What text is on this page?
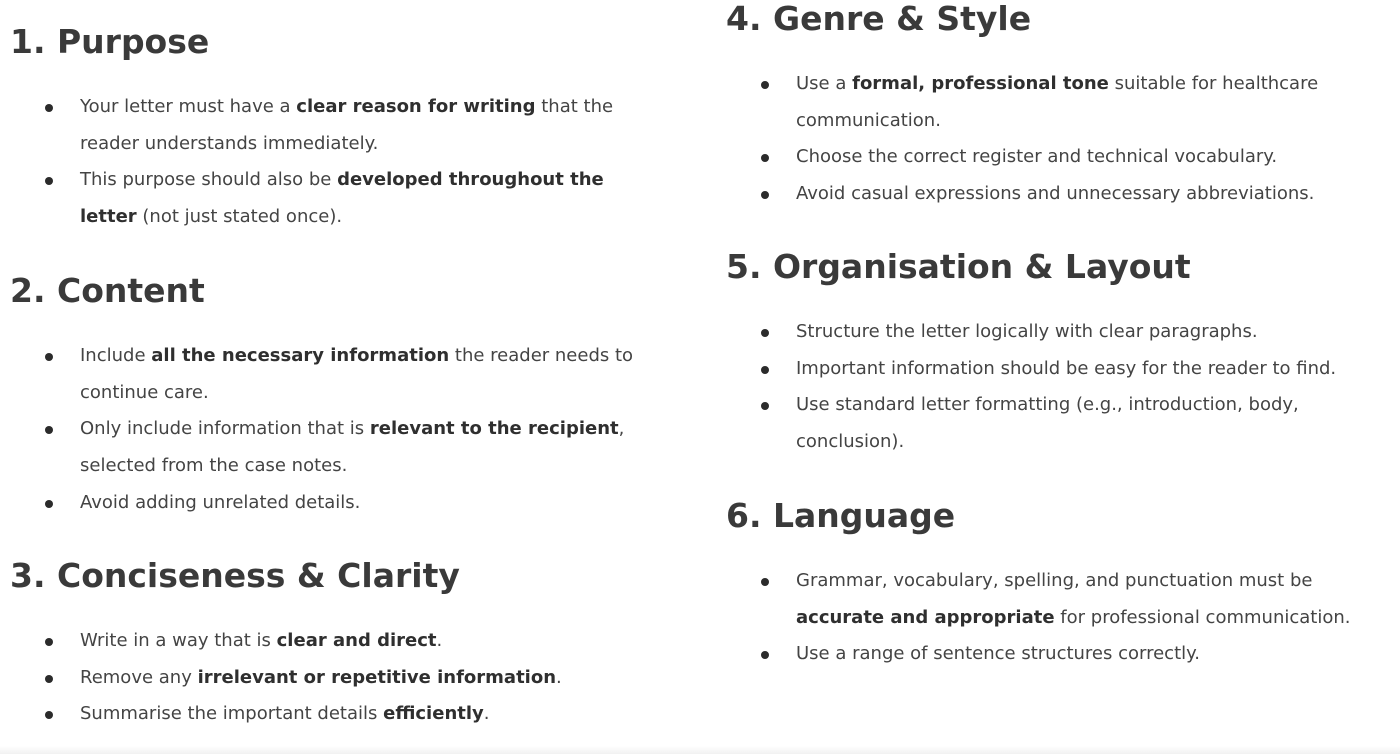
1. Purpose
Your letter must have a clear reason for writing that the reader understands immediately.
This purpose should also be developed throughout the letter (not just stated once).
2. Content
Include all the necessary information the reader needs to continue care.
Only include information that is relevant to the recipient, selected from the case notes.
Avoid adding unrelated details.
3. Conciseness & Clarity
Write in a way that is clear and direct.
Remove any irrelevant or repetitive information.
Summarise the important details efficiently.
4. Genre & Style
Use a formal, professional tone suitable for healthcare communication.
Choose the correct register and technical vocabulary.
Avoid casual expressions and unnecessary abbreviations.
5. Organisation & Layout
Structure the letter logically with clear paragraphs.
Important information should be easy for the reader to find.
Use standard letter formatting (e.g., introduction, body, conclusion).
6. Language
Grammar, vocabulary, spelling, and punctuation must be accurate and appropriate for professional communication.
Use a range of sentence structures correctly.
